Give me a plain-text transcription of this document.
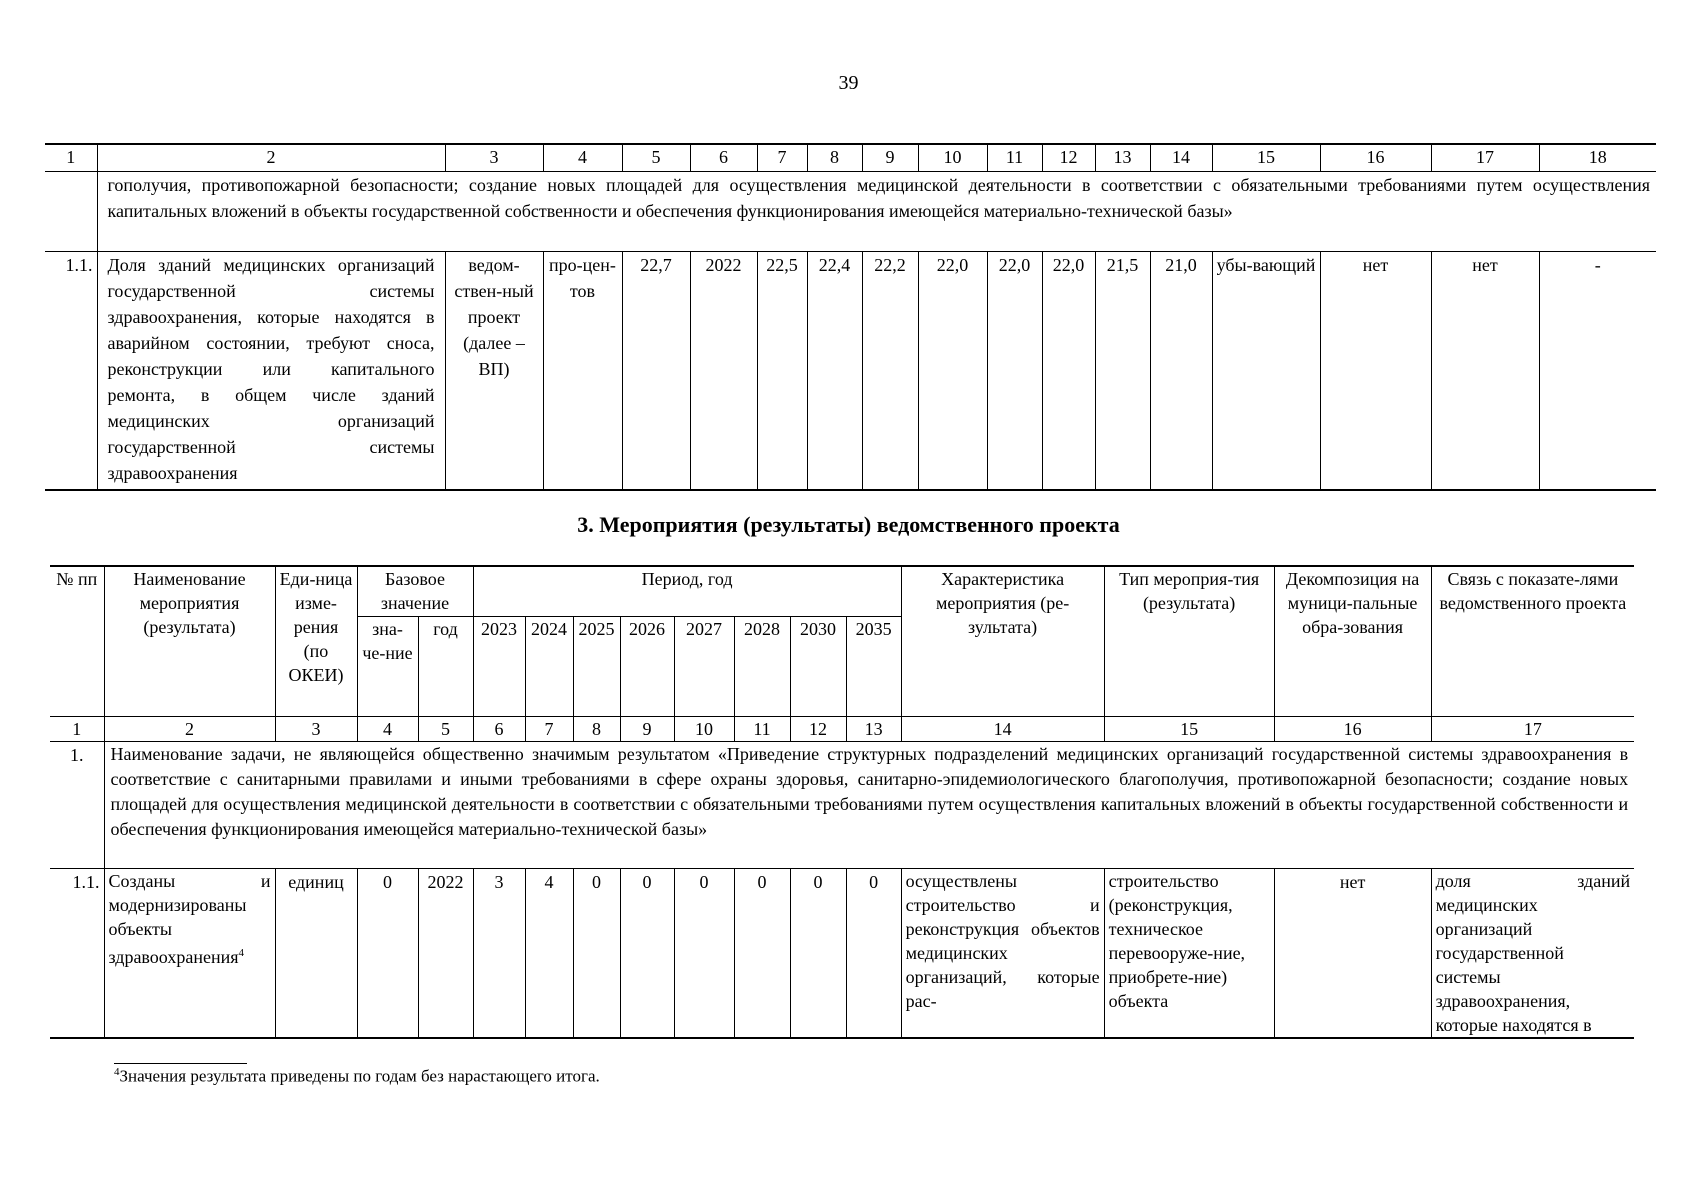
39
1	2	3	4	5	6	7	8	9	10	11	12	13	14	15	16	17	18
	гополучия, противопожарной безопасности; создание новых площадей для осуществления медицинской деятельности в соответствии с обязательными требованиями путем осуществления капитальных вложений в объекты государственной собственности и обеспечения функционирования имеющейся материально-технической базы»																
1.1.	Доля зданий медицинских организаций государственной системы здравоохранения, которые находятся в аварийном состоянии, требуют сноса, реконструкции или капитального ремонта, в общем числе зданий медицинских организаций государственной системы здравоохранения	ведом-ствен-ный проект (далее – ВП)	про-цен-тов	22,7	2022	22,5	22,4	22,2	22,0	22,0	22,0	21,5	21,0	убы-вающий	нет	нет	-
3. Мероприятия (результаты) ведомственного проекта
№ пп	Наименование мероприятия (результата)	Еди-ница изме-рения (по ОКЕИ)	Базовое значение		Период, год								Характеристика мероприятия (ре-зультата)	Тип мероприя-тия (результата)	Декомпозиция на муници-пальные обра-зования	Связь с показате-лями ведомственного проекта
			зна-че-ние	год	2023	2024	2025	2026	2027	2028	2030	2035				
1	2	3	4	5	6	7	8	9	10	11	12	13	14	15	16	17
1.	Наименование задачи, не являющейся общественно значимым результатом «Приведение структурных подразделений медицинских организаций государственной системы здравоохранения в соответствие с санитарными правилами и иными требованиями в сфере охраны здоровья, санитарно-эпидемиологического благополучия, противопожарной безопасности; создание новых площадей для осуществления медицинской деятельности в соответствии с обязательными требованиями путем осуществления капитальных вложений в объекты государственной собственности и обеспечения функционирования имеющейся материально-технической базы»															
1.1.	Созданы и модернизированы объекты здравоохранения$^4$	единиц	0	2022	3	4	0	0	0	0	0	0	осуществлены строительство и реконструкция объектов медицинских организаций, которые рас-	строительство (реконструкция, техническое перевооруже-ние, приобрете-ние) объекта	нет	доля зданий медицинских организаций государственной системы здравоохранения, которые находятся в
$^4$Значения результата приведены по годам без нарастающего итога.
